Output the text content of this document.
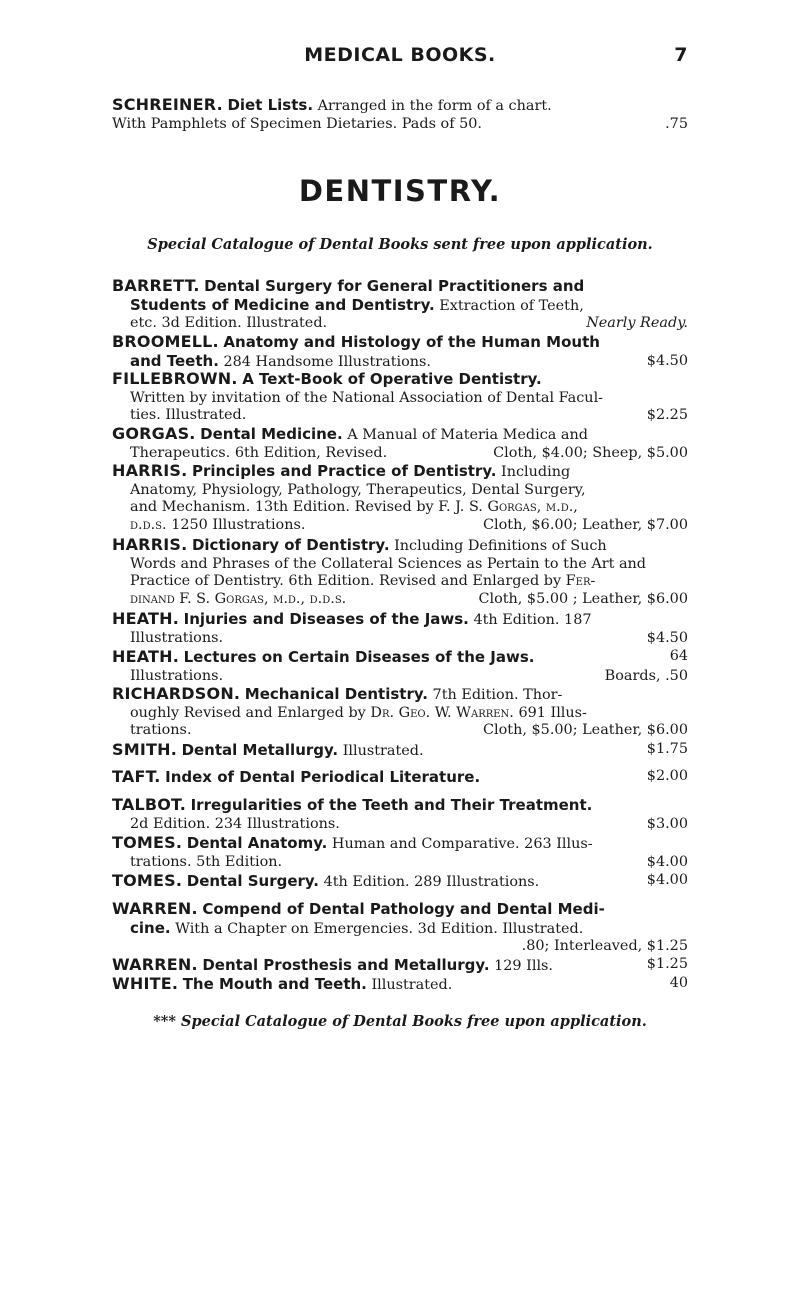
MEDICAL BOOKS.	7
SCHREINER. Diet Lists. Arranged in the form of a chart.
With Pamphlets of Specimen Dietaries. Pads of 50.	.75
DENTISTRY.
Special Catalogue of Dental Books sent free upon application.
BARRETT. Dental Surgery for General Practitioners and
Students of Medicine and Dentistry. Extraction of Teeth,
etc. 3d Edition. Illustrated.	Nearly Ready.
BROOMELL. Anatomy and Histology of the Human Mouth
and Teeth. 284 Handsome Illustrations.	$4.50
FILLEBROWN. A Text-Book of Operative Dentistry.
Written by invitation of the National Association of Dental Facul-
ties. Illustrated.	$2.25
GORGAS. Dental Medicine. A Manual of Materia Medica and
Therapeutics. 6th Edition, Revised.	Cloth, $4.00; Sheep, $5.00
HARRIS. Principles and Practice of Dentistry. Including
Anatomy, Physiology, Pathology, Therapeutics, Dental Surgery,
and Mechanism. 13th Edition. Revised by F. J. S. Gorgas, m.d.,
d.d.s. 1250 Illustrations.	Cloth, $6.00; Leather, $7.00
HARRIS. Dictionary of Dentistry. Including Definitions of Such
Words and Phrases of the Collateral Sciences as Pertain to the Art and
Practice of Dentistry. 6th Edition. Revised and Enlarged by Fer-
dinand F. S. Gorgas, m.d., d.d.s.	Cloth, $5.00 ; Leather, $6.00
HEATH. Injuries and Diseases of the Jaws. 4th Edition. 187
Illustrations.	$4.50
HEATH. Lectures on Certain Diseases of the Jaws.	64
Illustrations.	Boards, .50
RICHARDSON. Mechanical Dentistry. 7th Edition. Thor-
oughly Revised and Enlarged by Dr. Geo. W. Warren. 691 Illus-
trations.	Cloth, $5.00; Leather, $6.00
SMITH. Dental Metallurgy. Illustrated.	$1.75
TAFT. Index of Dental Periodical Literature.	$2.00
TALBOT. Irregularities of the Teeth and Their Treatment.
2d Edition. 234 Illustrations.	$3.00
TOMES. Dental Anatomy. Human and Comparative. 263 Illus-
trations. 5th Edition.	$4.00
TOMES. Dental Surgery. 4th Edition. 289 Illustrations.	$4.00
WARREN. Compend of Dental Pathology and Dental Medi-
cine. With a Chapter on Emergencies. 3d Edition. Illustrated.
.80; Interleaved, $1.25
WARREN. Dental Prosthesis and Metallurgy. 129 Ills.	$1.25
WHITE. The Mouth and Teeth. Illustrated.	40
*** Special Catalogue of Dental Books free upon application.
